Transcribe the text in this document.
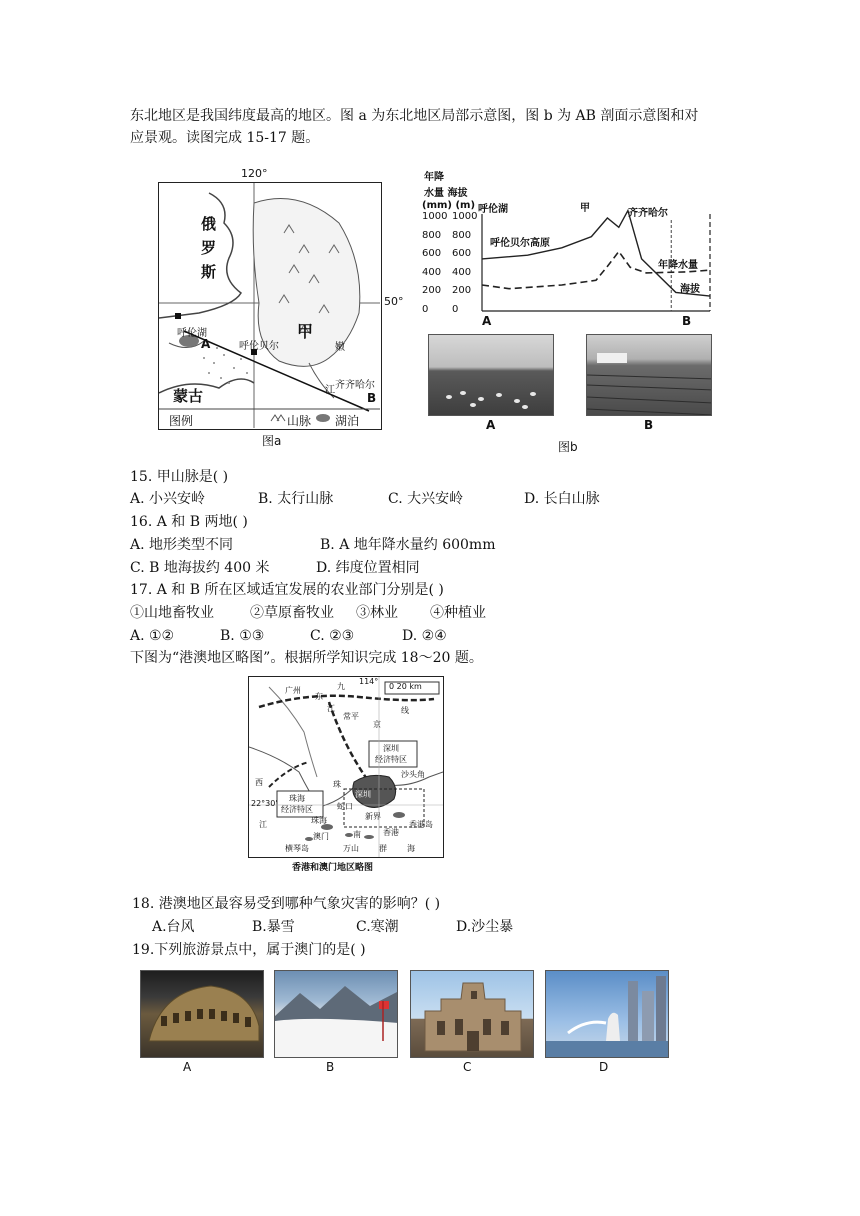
东北地区是我国纬度最高的地区。图 a 为东北地区局部示意图，图 b 为 AB 剖面示意图和对
应景观。读图完成 15-17 题。
120°
50°
俄
罗
斯
蒙古
甲
呼伦湖
呼伦贝尔	嫩
江 齐齐哈尔
A
B
图例	山脉 湖泊
图a
年降
水量 海拔
(mm) (m)
1000
800
600
400
200
0
1000
800
600
400
200
0
呼伦湖
呼伦贝尔高原
甲	齐齐哈尔
年降水量
海拔
A	B
A	B
图b
15. 甲山脉是( )
A. 小兴安岭	B. 太行山脉	C. 大兴安岭	D. 长白山脉
16. A 和 B 两地( )
A. 地形类型不同	B. A 地年降水量约 600mm
C. B 地海拔约 400 米	D. 纬度位置相同
17. A 和 B 所在区域适宜发展的农业部门分别是( )
①山地畜牧业	②草原畜牧业 ③林业 ④种植业
A. ①②	B. ①③	C. ②③	D. ②④
下图为“港澳地区略图”。根据所学知识完成 18～20 题。
114°
22°30'
0 20 km
广州
东
九
江
常平
京
线
珠
西
江
深圳
经济特区
珠海
经济特区
沙头角
蛇口
深圳
新界
珠海
澳门	香港
香港岛
横琴岛	万山	群
南
海
香港和澳门地区略图
18. 港澳地区最容易受到哪种气象灾害的影响？( )
A.台风	B.暴雪	C.寒潮	D.沙尘暴
19.下列旅游景点中，属于澳门的是( )
A	B	C	D
